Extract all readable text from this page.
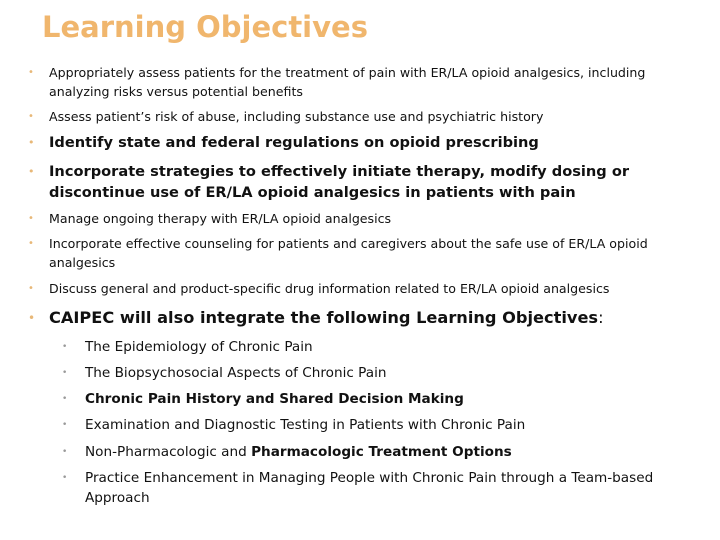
Learning Objectives
• Appropriately assess patients for the treatment of pain with ER/LA opioid analgesics, including analyzing risks versus potential benefits
• Assess patient’s risk of abuse, including substance use and psychiatric history
• Identify state and federal regulations on opioid prescribing
• Incorporate strategies to effectively initiate therapy, modify dosing or discontinue use of ER/LA opioid analgesics in patients with pain
• Manage ongoing therapy with ER/LA opioid analgesics
• Incorporate effective counseling for patients and caregivers about the safe use of ER/LA opioid analgesics
• Discuss general and product-specific drug information related to ER/LA opioid analgesics
• CAIPEC will also integrate the following Learning Objectives:
• The Epidemiology of Chronic Pain
• The Biopsychosocial Aspects of Chronic Pain
• Chronic Pain History and Shared Decision Making
• Examination and Diagnostic Testing in Patients with Chronic Pain
• Non-Pharmacologic and Pharmacologic Treatment Options
• Practice Enhancement in Managing People with Chronic Pain through a Team-based Approach
